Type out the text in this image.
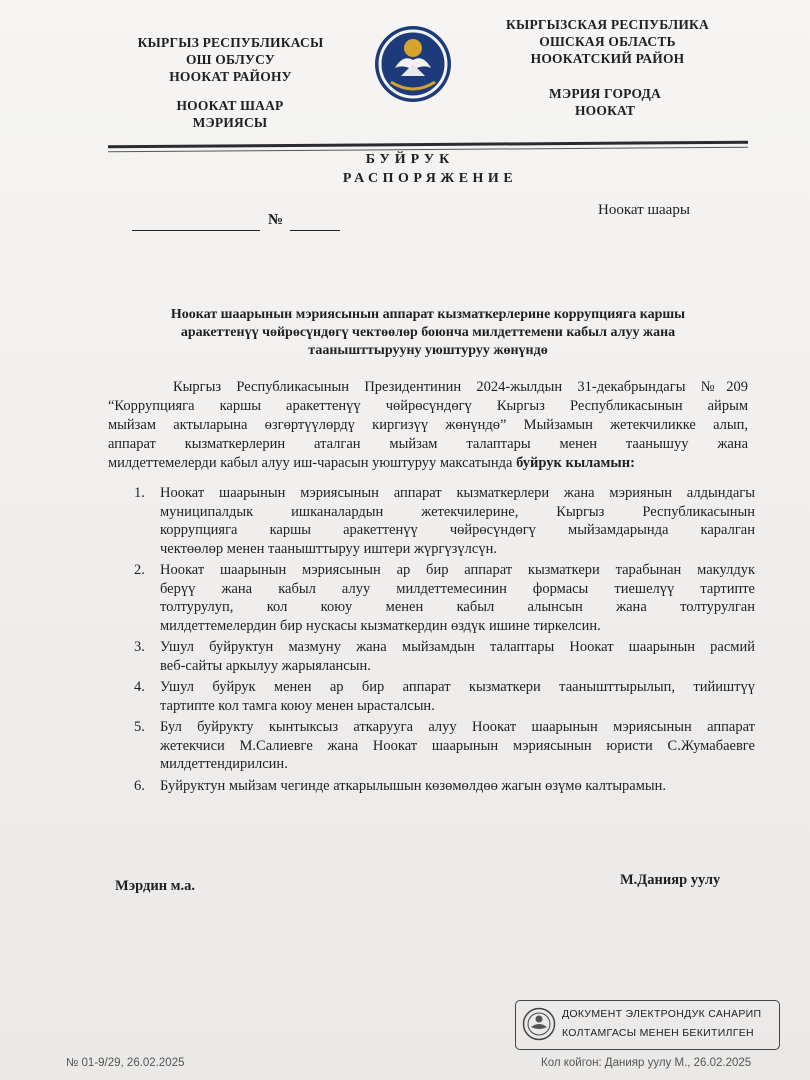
КЫРГЫЗ РЕСПУБЛИКАСЫ
ОШ ОБЛУСУ
НООКАТ РАЙОНУ
НООКАТ ШААР
МЭРИЯСЫ
КЫРГЫЗСКАЯ РЕСПУБЛИКА
ОШСКАЯ ОБЛАСТЬ
НООКАТСКИЙ РАЙОН
МЭРИЯ ГОРОДА
НООКАТ
БУЙРУК
РАСПОРЯЖЕНИЕ
№
Ноокат шаары
Ноокат шаарынын мэриясынын аппарат кызматкерлерине коррупцияга каршы
аракеттенүү чөйрөсүндөгү чектөөлөр боюнча милдеттемени кабыл алуу жана
таанышттырууну уюштуруу жөнүндө
Кыргыз Республикасынын Президентинин 2024-жылдын 31-декабрындагы №209
“Коррупцияга каршы аракеттенүү чөйрөсүндөгү Кыргыз Республикасынын айрым
мыйзам актыларына өзгөртүүлөрдү киргизүү жөнүндө” Мыйзамын жетекчиликке алып,
аппарат кызматкерлерин аталган мыйзам талаптары менен таанышуу жана
милдеттемелерди кабыл алуу иш-чарасын уюштуруу максатында буйрук кыламын:
1. Ноокат шаарынын мэриясынын аппарат кызматкерлери жана мэриянын алдындагы
муниципалдык ишканалардын жетекчилерине, Кыргыз Республикасынын
коррупцияга каршы аракеттенүү чөйрөсүндөгү мыйзамдарында каралган
чектөөлөр менен таанышттыруу иштери жүргүзүлсүн.
2. Ноокат шаарынын мэриясынын ар бир аппарат кызматкери тарабынан макулдук
берүү жана кабыл алуу милдеттемесинин формасы тиешелүү тартипте
толтурулуп, кол коюу менен кабыл алынсын жана толтурулган
милдеттемелердин бир нускасы кызматкердин өздүк ишине тиркелсин.
3. Ушул буйруктун мазмуну жана мыйзамдын талаптары Ноокат шаарынын расмий
веб-сайты аркылуу жарыялансын.
4. Ушул буйрук менен ар бир аппарат кызматкери таанышттырылып, тийиштүү
тартипте кол тамга коюу менен ырасталсын.
5. Бул буйрукту кынтыксыз аткарууга алуу Ноокат шаарынын мэриясынын аппарат
жетекчиси М.Салиевге жана Ноокат шаарынын мэриясынын юристи С.Жумабаевге
милдеттендирилсин.
6. Буйруктун мыйзам чегинде аткарылышын көзөмөлдөө жагын өзүмө калтырамын.
Мэрдин м.а.	М.Данияр уулу
ДОКУМЕНТ ЭЛЕКТРОНДУК САНАРИП
КОЛТАМГАСЫ МЕНЕН БЕКИТИЛГЕН
№ 01-9/29, 26.02.2025	Кол койгон: Данияр уулу М., 26.02.2025
